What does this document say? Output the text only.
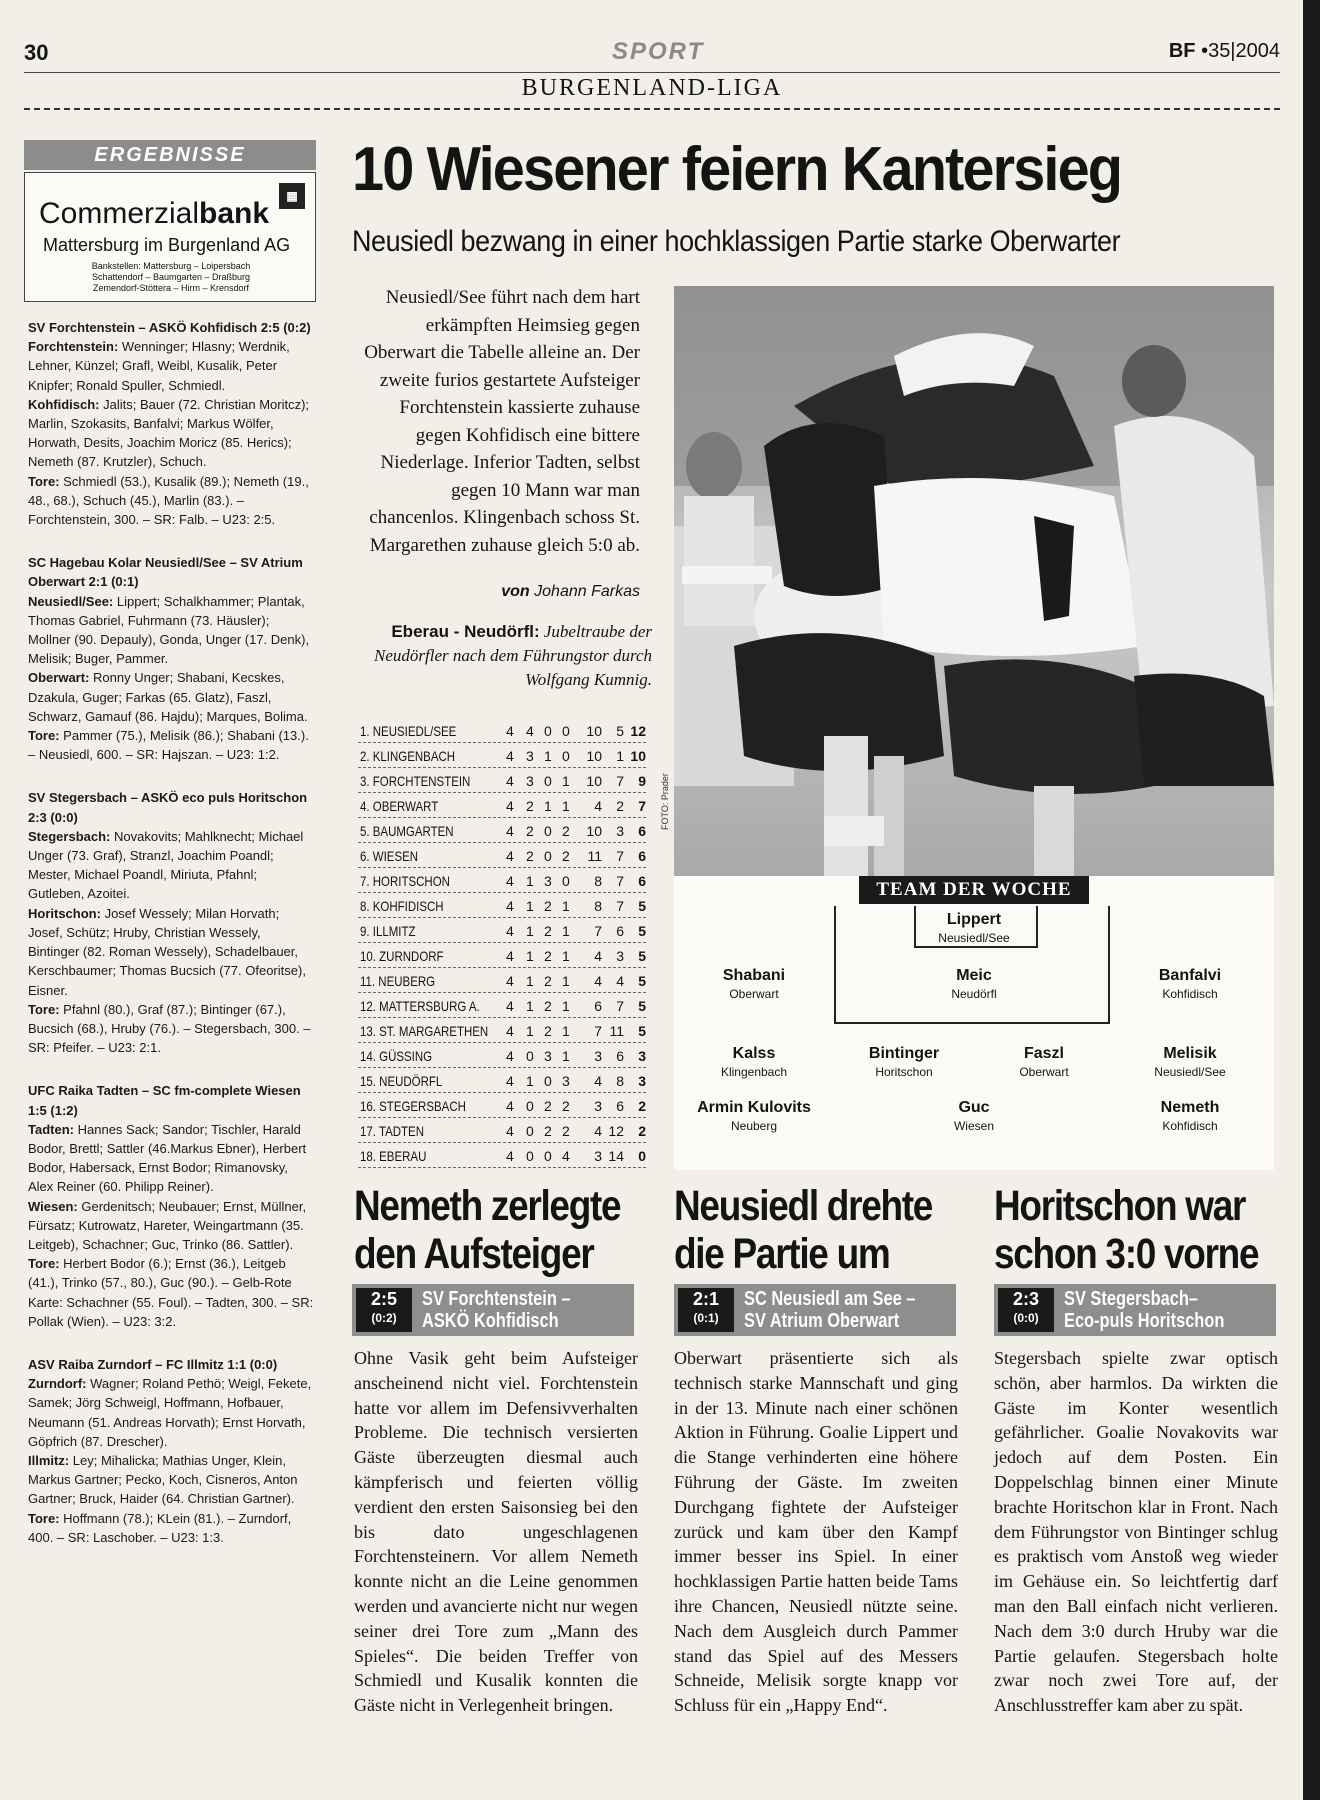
30	SPORT	BF •35|2004
BURGENLAND-LIGA
ERGEBNISSE
Commerzialbank
▦
Mattersburg im Burgenland AG
Bankstellen: Mattersburg – Loipersbach
Schattendorf – Baumgarten – Draßburg
Zemendorf-Stöttera – Hirm – Krensdorf

SV Forchtenstein – ASKÖ Kohfidisch 2:5 (0:2)
Forchtenstein: Wenninger; Hlasny; Werdnik, Lehner, Künzel; Grafl, Weibl, Kusalik, Peter Knipfer; Ronald Spuller, Schmiedl.
Kohfidisch: Jalits; Bauer (72. Christian Moritcz); Marlin, Szokasits, Banfalvi; Markus Wölfer, Horwath, Desits, Joachim Moricz (85. Herics); Nemeth (87. Krutzler), Schuch.
Tore: Schmiedl (53.), Kusalik (89.); Nemeth (19., 48., 68.), Schuch (45.), Marlin (83.). – Forchtenstein, 300. – SR: Falb. – U23: 2:5.

SC Hagebau Kolar Neusiedl/See – SV Atrium Oberwart 2:1 (0:1)
Neusiedl/See: Lippert; Schalkhammer; Plantak, Thomas Gabriel, Fuhrmann (73. Häusler); Mollner (90. Depauly), Gonda, Unger (17. Denk), Melisik; Buger, Pammer.
Oberwart: Ronny Unger; Shabani, Kecskes, Dzakula, Guger; Farkas (65. Glatz), Faszl, Schwarz, Gamauf (86. Hajdu); Marques, Bolima.
Tore: Pammer (75.), Melisik (86.); Shabani (13.). – Neusiedl, 600. – SR: Hajszan. – U23: 1:2.

SV Stegersbach – ASKÖ eco puls Horitschon 2:3 (0:0)
Stegersbach: Novakovits; Mahlknecht; Michael Unger (73. Graf), Stranzl, Joachim Poandl; Mester, Michael Poandl, Miriuta, Pfahnl; Gutleben, Azoitei.
Horitschon: Josef Wessely; Milan Horvath; Josef, Schütz; Hruby, Christian Wessely, Bintinger (82. Roman Wessely), Schadelbauer, Kerschbaumer; Thomas Bucsich (77. Ofeoritse), Eisner.
Tore: Pfahnl (80.), Graf (87.); Bintinger (67.), Bucsich (68.), Hruby (76.). – Stegersbach, 300. – SR: Pfeifer. – U23: 2:1.

UFC Raika Tadten – SC fm-complete Wiesen 1:5 (1:2)
Tadten: Hannes Sack; Sandor; Tischler, Harald Bodor, Brettl; Sattler (46.Markus Ebner), Herbert Bodor, Habersack, Ernst Bodor; Rimanovsky, Alex Reiner (60. Philipp Reiner).
Wiesen: Gerdenitsch; Neubauer; Ernst, Müllner, Fürsatz; Kutrowatz, Hareter, Weingartmann (35. Leitgeb), Schachner; Guc, Trinko (86. Sattler).
Tore: Herbert Bodor (6.); Ernst (36.), Leitgeb (41.), Trinko (57., 80.), Guc (90.). – Gelb-Rote Karte: Schachner (55. Foul). – Tadten, 300. – SR: Pollak (Wien). – U23: 3:2.

ASV Raiba Zurndorf – FC Illmitz 1:1 (0:0)
Zurndorf: Wagner; Roland Pethö; Weigl, Fekete, Samek; Jörg Schweigl, Hoffmann, Hofbauer, Neumann (51. Andreas Horvath); Ernst Horvath, Göpfrich (87. Drescher).
Illmitz: Ley; Mihalicka; Mathias Unger, Klein, Markus Gartner; Pecko, Koch, Cisneros, Anton Gartner; Bruck, Haider (64. Christian Gartner).
Tore: Hoffmann (78.); KLein (81.). – Zurndorf, 400. – SR: Laschober. – U23: 1:3.

10 Wiesener feiern Kantersieg
Neusiedl bezwang in einer hochklassigen Partie starke Oberwarter
Neusiedl/See führt nach dem hart erkämpften Heimsieg gegen Oberwart die Tabelle alleine an. Der zweite furios gestartete Aufsteiger Forchtenstein kassierte zuhause gegen Kohfidisch eine bittere Niederlage. Inferior Tadten, selbst gegen 10 Mann war man chancenlos. Klingenbach schoss St. Margarethen zuhause gleich 5:0 ab.
von Johann Farkas
Eberau - Neudörfl: Jubeltraube der Neudörfler nach dem Führungstor durch Wolfgang Kumnig.
FOTO: Prader
TEAM DER WOCHE
Lippert
Neusiedl/See
Shabani
Oberwart
Meic
Neudörfl
Banfalvi
Kohfidisch
Kalss
Klingenbach
Bintinger
Horitschon
Faszl
Oberwart
Melisik
Neusiedl/See
Armin Kulovits
Neuberg
Guc
Wiesen
Nemeth
Kohfidisch
1. NEUSIEDL/SEE	4 4 0 0	10	5 12
2. KLINGENBACH	4 3 1 0	10	1 10
3. FORCHTENSTEIN	4 3 0 1	10	7	9
4. OBERWART	4 2 1 1	4	2	7
5. BAUMGARTEN	4 2 0 2	10	3	6
6. WIESEN	4 2 0 2	11	7	6
7. HORITSCHON	4 1 3 0	8	7	6
8. KOHFIDISCH	4 1 2 1	8	7	5
9. ILLMITZ	4 1 2 1	7	6	5
10. ZURNDORF	4 1 2 1	4	3	5
11. NEUBERG	4 1 2 1	4	4	5
12. MATTERSBURG A. 4 1 2 1	6	7	5
13. ST. MARGARETHEN 4 1 2 1	7 11	5
14. GÜSSING	4 0 3 1	3	6	3
15. NEUDÖRFL	4 1 0 3	4	8	3
16. STEGERSBACH	4 0 2 2	3	6	2
17. TADTEN	4 0 2 2	4 12	2
18. EBERAU	4 0 0 4	3 14	0
Nemeth zerlegte
den Aufsteiger
2:5
(0:2)
SV Forchtenstein –
ASKÖ Kohfidisch
Ohne Vasik geht beim Aufsteiger anscheinend nicht viel. Forchtenstein hatte vor allem im Defensivverhalten Probleme. Die technisch versierten Gäste überzeugten diesmal auch kämpferisch und feierten völlig verdient den ersten Saisonsieg bei den bis dato ungeschlagenen Forchtensteinern. Vor allem Nemeth konnte nicht an die Leine genommen werden und avancierte nicht nur wegen seiner drei Tore zum „Mann des Spieles“. Die beiden Treffer von Schmiedl und Kusalik konnten die Gäste nicht in Verlegenheit bringen.
Neusiedl drehte
die Partie um
2:1
(0:1)
SC Neusiedl am See –
SV Atrium Oberwart
Oberwart präsentierte sich als technisch starke Mannschaft und ging in der 13. Minute nach einer schönen Aktion in Führung. Goalie Lippert und die Stange verhinderten eine höhere Führung der Gäste. Im zweiten Durchgang fightete der Aufsteiger zurück und kam über den Kampf immer besser ins Spiel. In einer hochklassigen Partie hatten beide Tams ihre Chancen, Neusiedl nützte seine. Nach dem Ausgleich durch Pammer stand das Spiel auf des Messers Schneide, Melisik sorgte knapp vor Schluss für ein „Happy End“.
Horitschon war
schon 3:0 vorne
2:3
(0:0)
SV Stegersbach–
Eco-puls Horitschon
Stegersbach spielte zwar optisch schön, aber harmlos. Da wirkten die Gäste im Konter wesentlich gefährlicher. Goalie Novakovits war jedoch auf dem Posten. Ein Doppelschlag binnen einer Minute brachte Horitschon klar in Front. Nach dem Führungstor von Bintinger schlug es praktisch vom Anstoß weg wieder im Gehäuse ein. So leichtfertig darf man den Ball einfach nicht verlieren. Nach dem 3:0 durch Hruby war die Partie gelaufen. Stegersbach holte zwar noch zwei Tore auf, der Anschlusstreffer kam aber zu spät.
